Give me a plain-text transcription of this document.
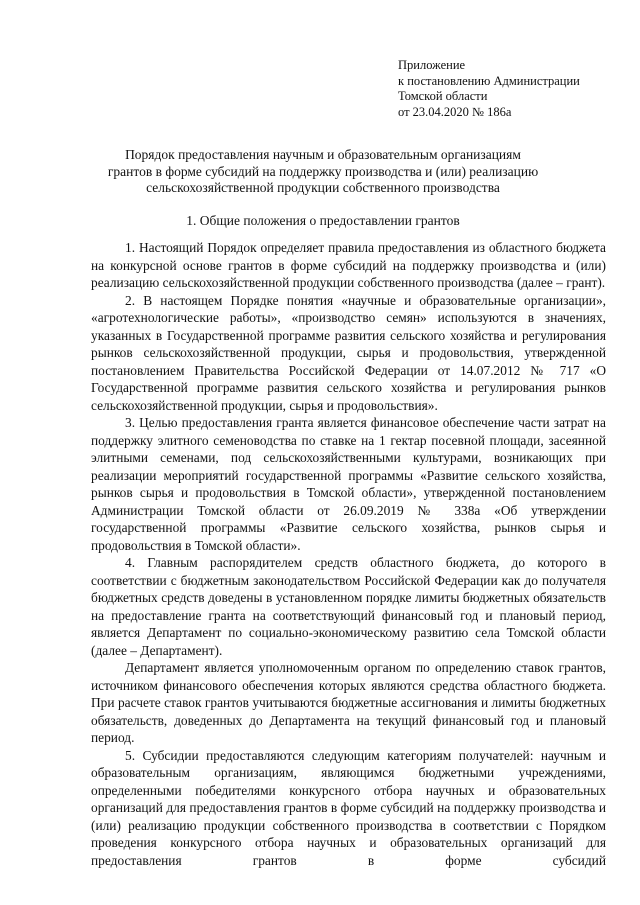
Приложение
к постановлению Администрации
Томской области
от 23.04.2020 № 186а
Порядок предоставления научным и образовательным организациям
грантов в форме субсидий на поддержку производства и (или) реализацию
сельскохозяйственной продукции собственного производства
1. Общие положения о предоставлении грантов

1. Настоящий Порядок определяет правила предоставления из областного бюджета на конкурсной основе грантов в форме субсидий на поддержку производства и (или) реализацию сельскохозяйственной продукции собственного производства (далее – грант).

2. В настоящем Порядке понятия «научные и образовательные организации», «агротехнологические работы», «производство семян» используются в значениях, указанных в Государственной программе развития сельского хозяйства и регулирования рынков сельскохозяйственной продукции, сырья и продовольствия, утвержденной постановлением Правительства Российской Федерации от 14.07.2012 № 717 «О Государственной программе развития сельского хозяйства и регулирования рынков сельскохозяйственной продукции, сырья и продовольствия».

3. Целью предоставления гранта является финансовое обеспечение части затрат на поддержку элитного семеноводства по ставке на 1 гектар посевной площади, засеянной элитными семенами, под сельскохозяйственными культурами, возникающих при реализации мероприятий государственной программы «Развитие сельского хозяйства, рынков сырья и продовольствия в Томской области», утвержденной постановлением Администрации Томской области от 26.09.2019 № 338а «Об утверждении государственной программы «Развитие сельского хозяйства, рынков сырья и продовольствия в Томской области».

4. Главным распорядителем средств областного бюджета, до которого в соответствии с бюджетным законодательством Российской Федерации как до получателя бюджетных средств доведены в установленном порядке лимиты бюджетных обязательств на предоставление гранта на соответствующий финансовый год и плановый период, является Департамент по социально-экономическому развитию села Томской области (далее – Департамент).

Департамент является уполномоченным органом по определению ставок грантов, источником финансового обеспечения которых являются средства областного бюджета. При расчете ставок грантов учитываются бюджетные ассигнования и лимиты бюджетных обязательств, доведенных до Департамента на текущий финансовый год и плановый период.

5. Субсидии предоставляются следующим категориям получателей: научным и образовательным организациям, являющимся бюджетными учреждениями, определенными победителями конкурсного отбора научных и образовательных организаций для предоставления грантов в форме субсидий на поддержку производства и (или) реализацию продукции собственного производства в соответствии с Порядком проведения конкурсного отбора научных и образовательных организаций для предоставления грантов в форме субсидий
